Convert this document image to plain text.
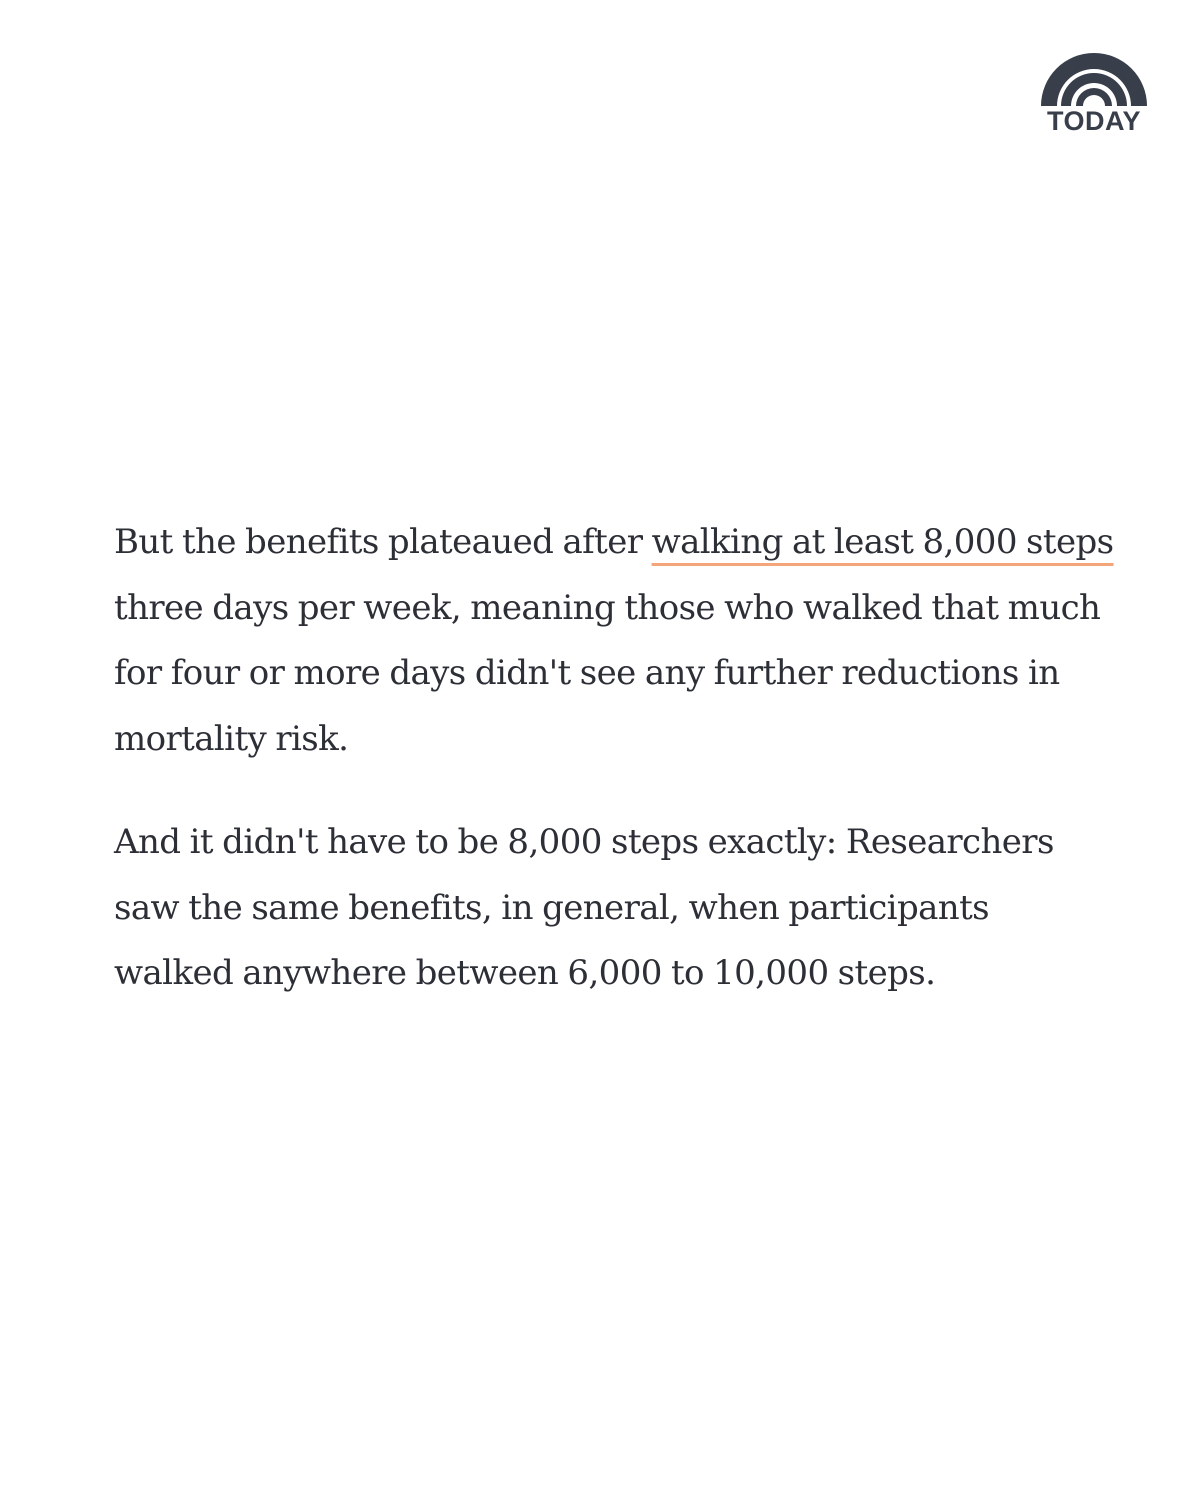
TODAY

But the benefits plateaued after walking at least 8,000 steps three days per week, meaning those who walked that much for four or more days didn't see any further reductions in mortality risk.

And it didn't have to be 8,000 steps exactly: Researchers saw the same benefits, in general, when participants walked anywhere between 6,000 to 10,000 steps.
